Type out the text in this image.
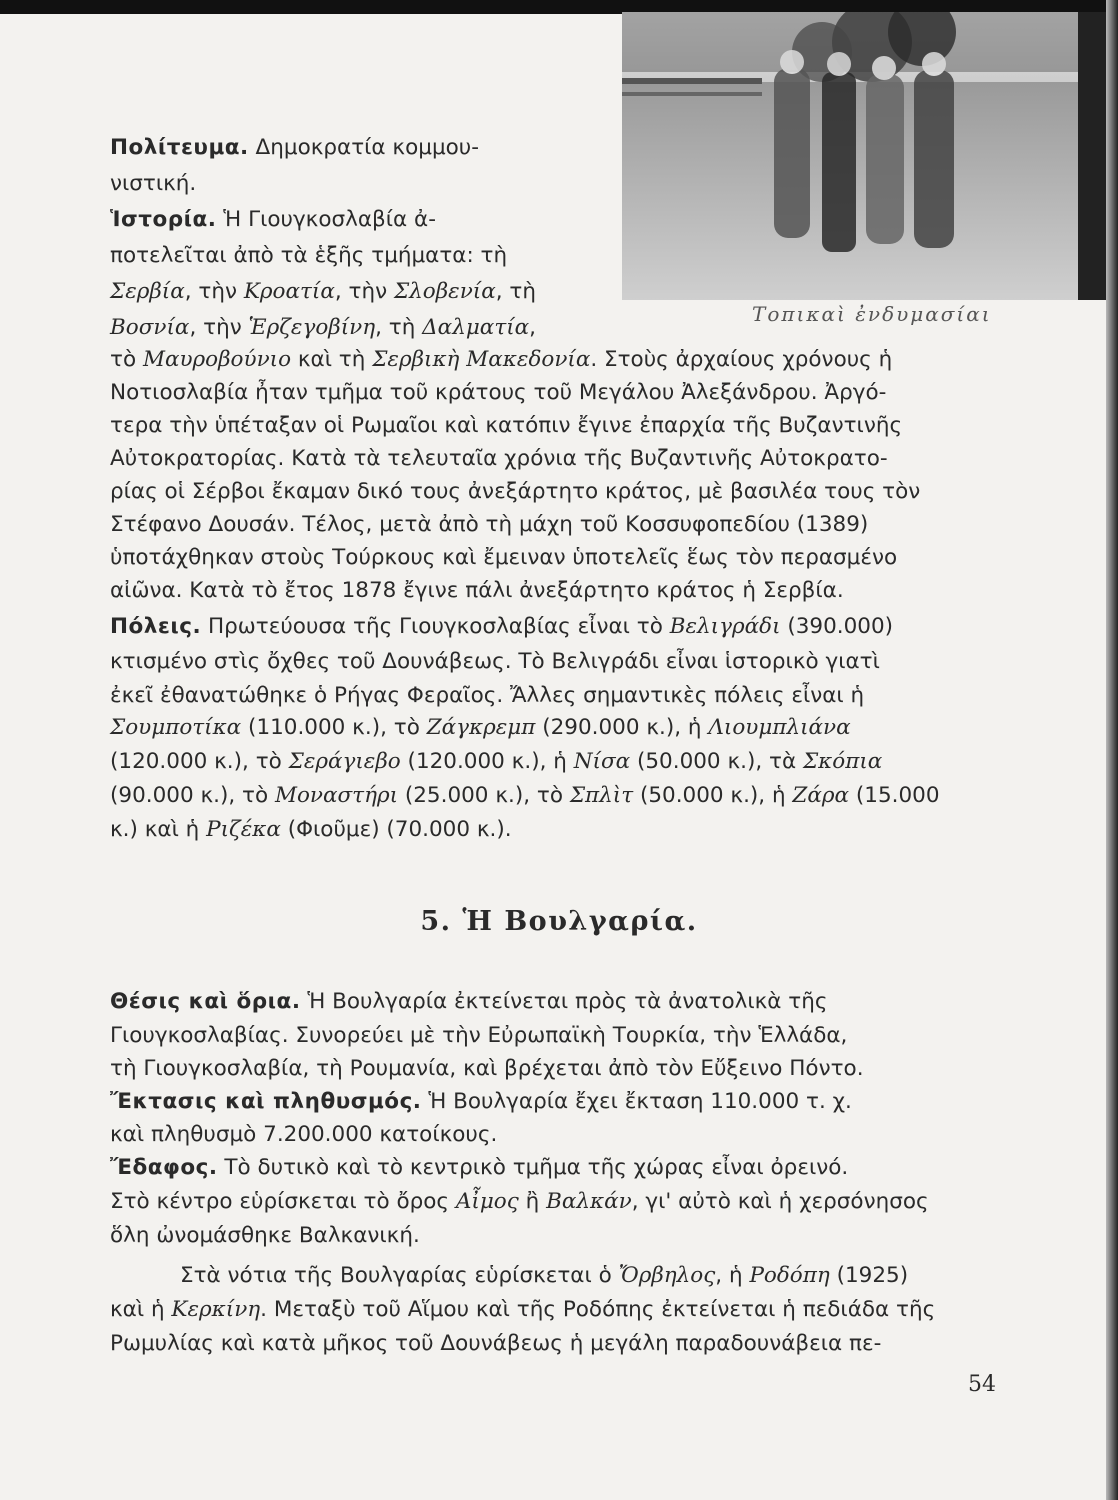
Τοπικαὶ ἐνδυμασίαι
Πολίτευμα. Δημοκρατία κομμου-
νιστική.
Ἱστορία. Ἡ Γιουγκοσλαβία ἀ-
ποτελεῖται ἀπὸ τὰ ἑξῆς τμήματα: τὴ
Σερβία, τὴν Κροατία, τὴν Σλοβενία, τὴ
Βοσνία, τὴν Ἑρζεγοβίνη, τὴ Δαλματία,
τὸ Μαυροβούνιο καὶ τὴ Σερβικὴ Μακεδονία. Στοὺς ἀρχαίους χρόνους ἡ
Νοτιοσλαβία ἦταν τμῆμα τοῦ κράτους τοῦ Μεγάλου Ἀλεξάνδρου. Ἀργό-
τερα τὴν ὑπέταξαν οἱ Ρωμαῖοι καὶ κατόπιν ἔγινε ἐπαρχία τῆς Βυζαντινῆς
Αὐτοκρατορίας. Κατὰ τὰ τελευταῖα χρόνια τῆς Βυζαντινῆς Αὐτοκρατο-
ρίας οἱ Σέρβοι ἔκαμαν δικό τους ἀνεξάρτητο κράτος, μὲ βασιλέα τους τὸν
Στέφανο Δουσάν. Τέλος, μετὰ ἀπὸ τὴ μάχη τοῦ Κοσσυφοπεδίου (1389)
ὑποτάχθηκαν στοὺς Τούρκους καὶ ἔμειναν ὑποτελεῖς ἕως τὸν περασμένο
αἰῶνα. Κατὰ τὸ ἔτος 1878 ἔγινε πάλι ἀνεξάρτητο κράτος ἡ Σερβία.
Πόλεις. Πρωτεύουσα τῆς Γιουγκοσλαβίας εἶναι τὸ Βελιγράδι (390.000)
κτισμένο στὶς ὄχθες τοῦ Δουνάβεως. Τὸ Βελιγράδι εἶναι ἱστορικὸ γιατὶ
ἐκεῖ ἐθανατώθηκε ὁ Ρήγας Φεραῖος. Ἄλλες σημαντικὲς πόλεις εἶναι ἡ
Σουμποτίκα (110.000 κ.), τὸ Ζάγκρεμπ (290.000 κ.), ἡ Λιουμπλιάνα
(120.000 κ.), τὸ Σεράγιεβο (120.000 κ.), ἡ Νίσα (50.000 κ.), τὰ Σκόπια
(90.000 κ.), τὸ Μοναστήρι (25.000 κ.), τὸ Σπλὶτ (50.000 κ.), ἡ Ζάρα (15.000
κ.) καὶ ἡ Ριζέκα (Φιοῦμε) (70.000 κ.).
5. Ἡ Βουλγαρία.
Θέσις καὶ ὅρια. Ἡ Βουλγαρία ἐκτείνεται πρὸς τὰ ἀνατολικὰ τῆς
Γιουγκοσλαβίας. Συνορεύει μὲ τὴν Εὐρωπαϊκὴ Τουρκία, τὴν Ἑλλάδα,
τὴ Γιουγκοσλαβία, τὴ Ρουμανία, καὶ βρέχεται ἀπὸ τὸν Εὔξεινο Πόντο.
Ἔκτασις καὶ πληθυσμός. Ἡ Βουλγαρία ἔχει ἔκταση 110.000 τ. χ.
καὶ πληθυσμὸ 7.200.000 κατοίκους.
Ἔδαφος. Τὸ δυτικὸ καὶ τὸ κεντρικὸ τμῆμα τῆς χώρας εἶναι ὀρεινό.
Στὸ κέντρο εὑρίσκεται τὸ ὄρος Αἶμος ἢ Βαλκάν, γι' αὐτὸ καὶ ἡ χερσόνησος
ὅλη ὠνομάσθηκε Βαλκανική.
Στὰ νότια τῆς Βουλγαρίας εὑρίσκεται ὁ Ὄρβηλος, ἡ Ροδόπη (1925)
καὶ ἡ Κερκίνη. Μεταξὺ τοῦ Αἵμου καὶ τῆς Ροδόπης ἐκτείνεται ἡ πεδιάδα τῆς
Ρωμυλίας καὶ κατὰ μῆκος τοῦ Δουνάβεως ἡ μεγάλη παραδουνάβεια πε-
54
